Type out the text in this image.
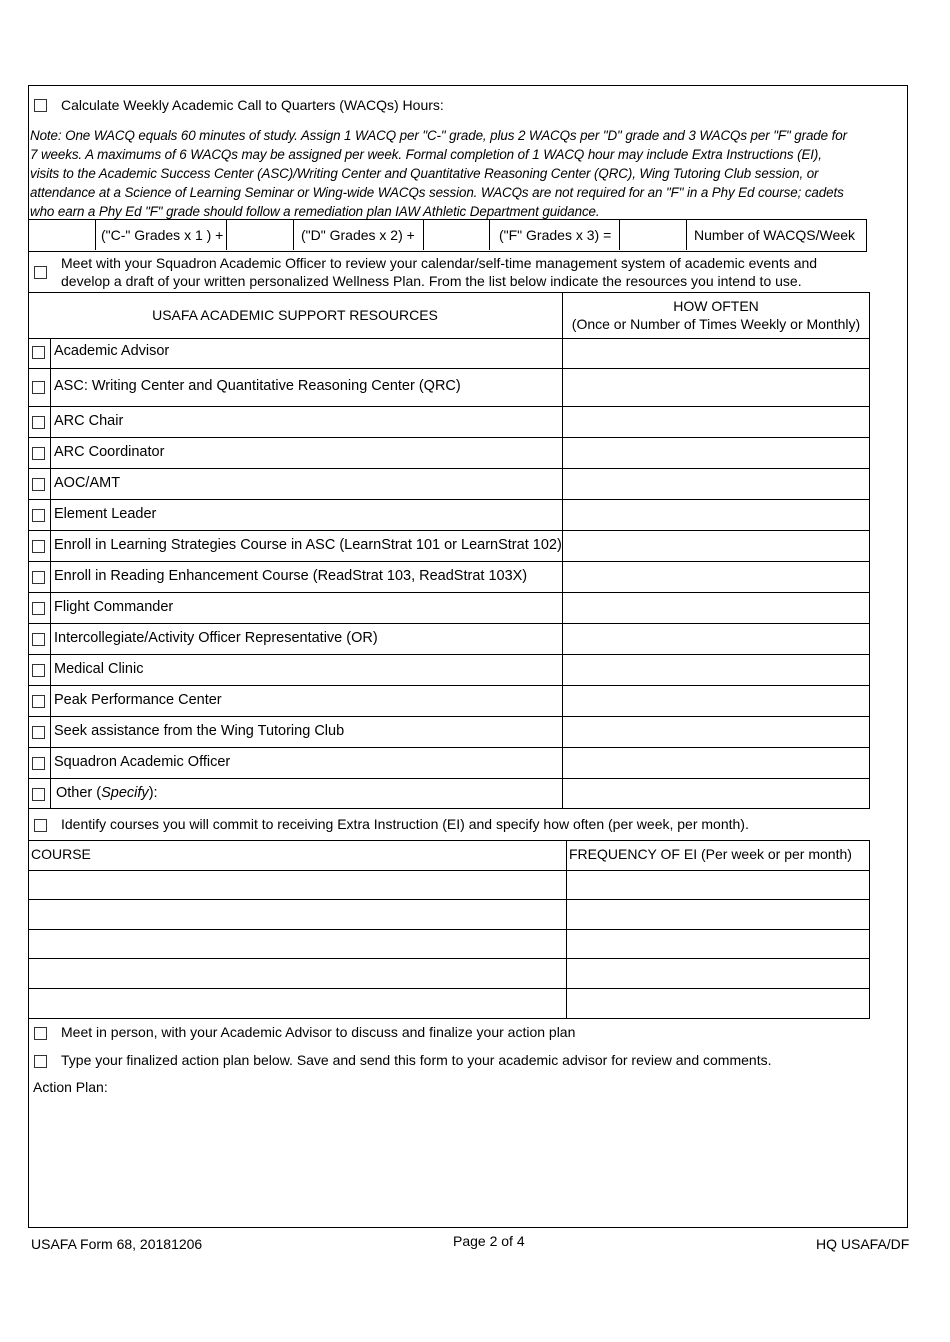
Calculate Weekly Academic Call to Quarters (WACQs) Hours:
Note: One WACQ equals 60 minutes of study. Assign 1 WACQ per "C-" grade, plus 2 WACQs per "D" grade and 3 WACQs per "F" grade for
7 weeks. A maximums of 6 WACQs may be assigned per week. Formal completion of 1 WACQ hour may include Extra Instructions (EI),
visits to the Academic Success Center (ASC)/Writing Center and Quantitative Reasoning Center (QRC), Wing Tutoring Club session, or
attendance at a Science of Learning Seminar or Wing-wide WACQs session. WACQs are not required for an "F" in a Phy Ed course; cadets
who earn a Phy Ed "F" grade should follow a remediation plan IAW Athletic Department guidance.
("C-" Grades x 1 ) +	("D" Grades x 2) +	("F" Grades x 3) =	Number of WACQS/Week
Meet with your Squadron Academic Officer to review your calendar/self-time management system of academic events and
develop a draft of your written personalized Wellness Plan. From the list below indicate the resources you intend to use.
USAFA ACADEMIC SUPPORT RESOURCES
HOW OFTEN
(Once or Number of Times Weekly or Monthly)
Academic Advisor
ASC: Writing Center and Quantitative Reasoning Center (QRC)
ARC Chair
ARC Coordinator
AOC/AMT
Element Leader
Enroll in Learning Strategies Course in ASC (LearnStrat 101 or LearnStrat 102)
Enroll in Reading Enhancement Course (ReadStrat 103, ReadStrat 103X)
Flight Commander
Intercollegiate/Activity Officer Representative (OR)
Medical Clinic
Peak Performance Center
Seek assistance from the Wing Tutoring Club
Squadron Academic Officer
Other (Specify):
Identify courses you will commit to receiving Extra Instruction (EI) and specify how often (per week, per month).
COURSE	FREQUENCY OF EI (Per week or per month)
Meet in person, with your Academic Advisor to discuss and finalize your action plan
Type your finalized action plan below. Save and send this form to your academic advisor for review and comments.
Action Plan:
USAFA Form 68, 20181206	Page 2 of 4	HQ USAFA/DF
